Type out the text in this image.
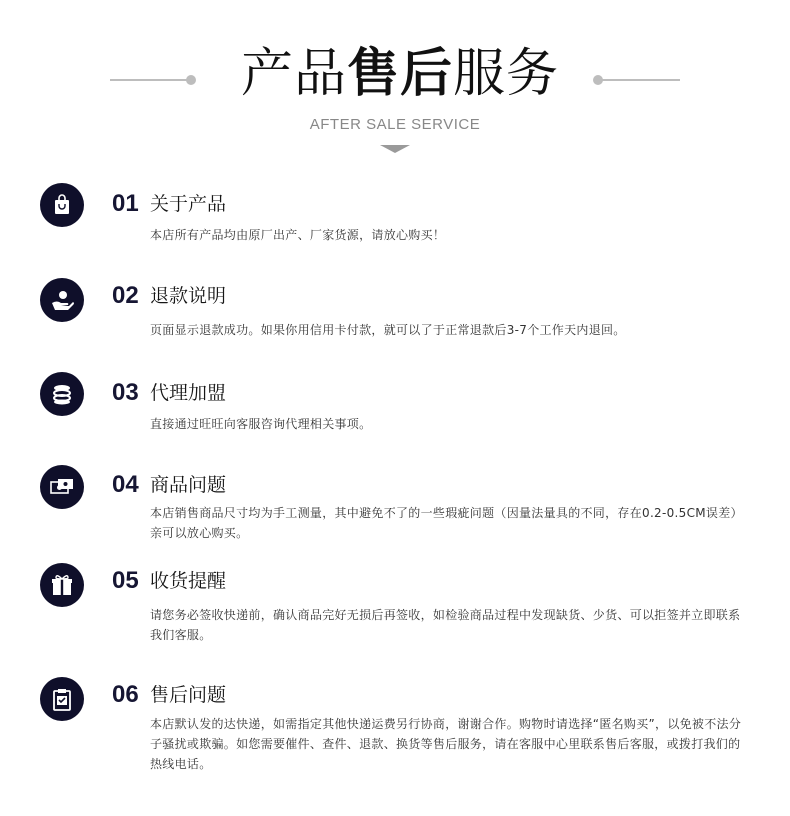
产品售后服务
AFTER SALE SERVICE
01 关于产品
本店所有产品均由原厂出产、厂家货源，请放心购买！
02 退款说明
页面显示退款成功。如果你用信用卡付款，就可以了于正常退款后3-7个工作天内退回。
03 代理加盟
直接通过旺旺向客服咨询代理相关事项。
04 商品问题
本店销售商品尺寸均为手工测量，其中避免不了的一些瑕疵问题（因量法量具的不同，存在0.2-0.5CM误差）亲可以放心购买。
05 收货提醒
请您务必签收快递前，确认商品完好无损后再签收，如检验商品过程中发现缺货、少货、可以拒签并立即联系我们客服。
06 售后问题
本店默认发的达快递，如需指定其他快递运费另行协商，谢谢合作。购物时请选择“匿名购买”，以免被不法分子骚扰或欺骗。如您需要催件、查件、退款、换货等售后服务，请在客服中心里联系售后客服，或拨打我们的热线电话。
